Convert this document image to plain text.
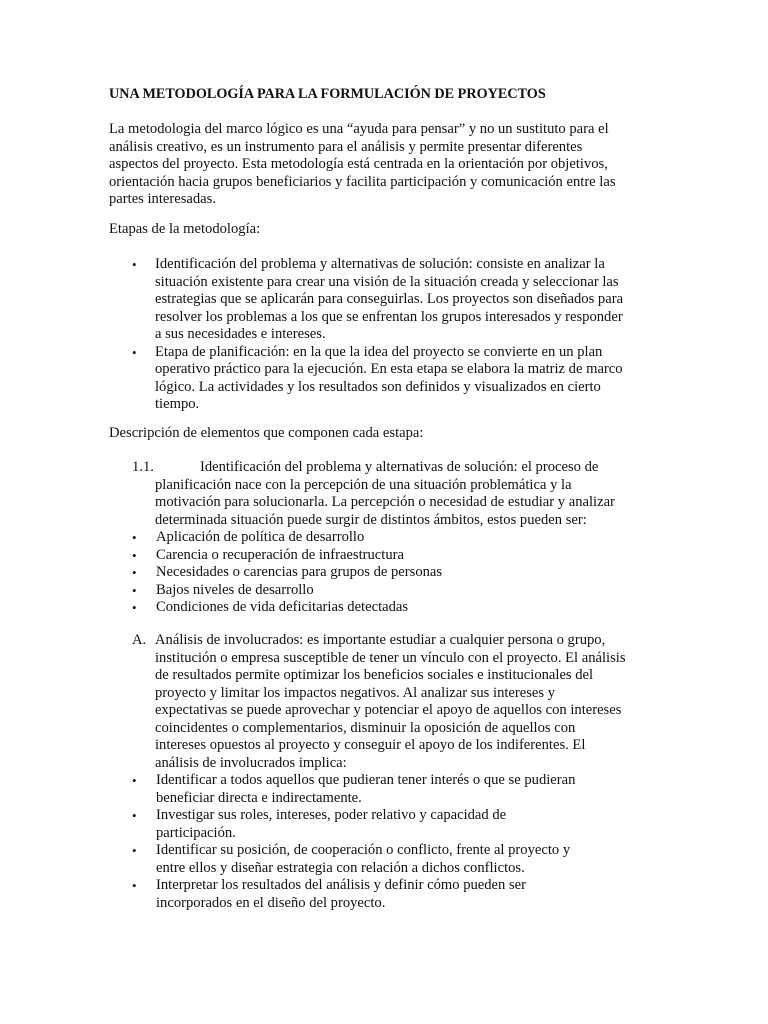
UNA METODOLOGÍA PARA LA FORMULACIÓN DE PROYECTOS
La metodologia del marco lógico es una “ayuda para pensar” y no un sustituto para el
análisis creativo, es un instrumento para el análisis y permite presentar diferentes
aspectos del proyecto. Esta metodología está centrada en la orientación por objetivos,
orientación hacia grupos beneficiarios y facilita participación y comunicación entre las
partes interesadas.
Etapas de la metodología:
• Identificación del problema y alternativas de solución: consiste en analizar la
situación existente para crear una visión de la situación creada y seleccionar las
estrategias que se aplicarán para conseguirlas. Los proyectos son diseñados para
resolver los problemas a los que se enfrentan los grupos interesados y responder
a sus necesidades e intereses.
• Etapa de planificación: en la que la idea del proyecto se convierte en un plan
operativo práctico para la ejecución. En esta etapa se elabora la matriz de marco
lógico. La actividades y los resultados son definidos y visualizados en cierto
tiempo.
Descripción de elementos que componen cada estapa:
1.1.	Identificación del problema y alternativas de solución: el proceso de
planificación nace con la percepción de una situación problemática y la
motivación para solucionarla. La percepción o necesidad de estudiar y analizar
determinada situación puede surgir de distintos ámbitos, estos pueden ser:
• Aplicación de política de desarrollo
• Carencia o recuperación de infraestructura
• Necesidades o carencias para grupos de personas
• Bajos niveles de desarrollo
• Condiciones de vida deficitarias detectadas
A. Análisis de involucrados: es importante estudiar a cualquier persona o grupo,
institución o empresa susceptible de tener un vínculo con el proyecto. El análisis
de resultados permite optimizar los beneficios sociales e institucionales del
proyecto y limitar los impactos negativos. Al analizar sus intereses y
expectativas se puede aprovechar y potenciar el apoyo de aquellos con intereses
coincidentes o complementarios, disminuir la oposición de aquellos con
intereses opuestos al proyecto y conseguir el apoyo de los indiferentes. El
análisis de involucrados implica:
• Identificar a todos aquellos que pudieran tener interés o que se pudieran
beneficiar directa e indirectamente.
• Investigar sus roles, intereses, poder relativo y capacidad de
participación.
• Identificar su posición, de cooperación o conflicto, frente al proyecto y
entre ellos y diseñar estrategia con relación a dichos conflictos.
• Interpretar los resultados del análisis y definir cómo pueden ser
incorporados en el diseño del proyecto.
